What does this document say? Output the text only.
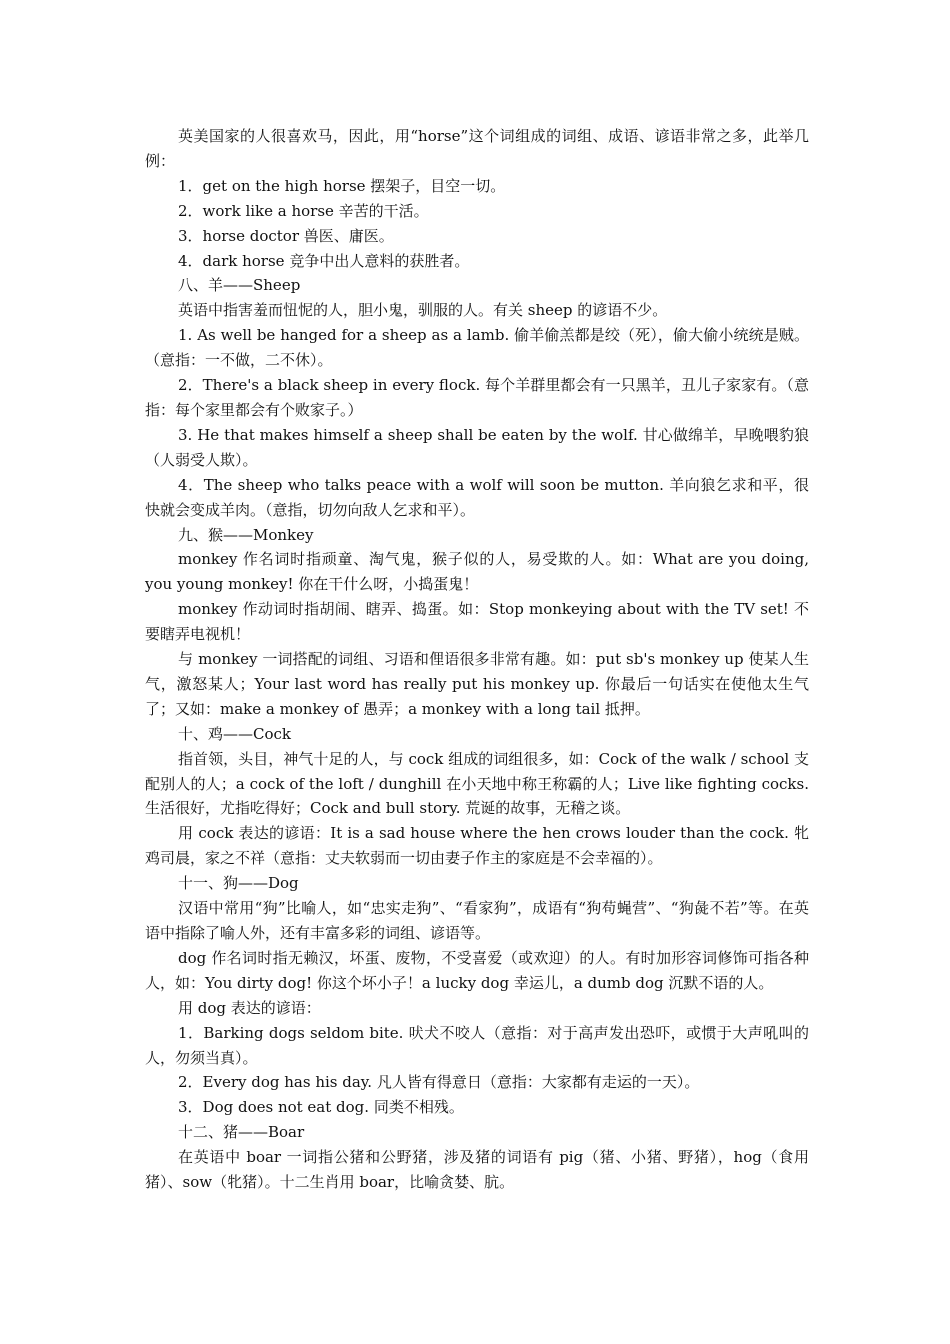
英美国家的人很喜欢马，因此，用“horse”这个词组成的词组、成语、谚语非常之多，此举几例：

1．get on the high horse 摆架子，目空一切。

2．work like a horse 辛苦的干活。

3．horse doctor 兽医、庸医。

4．dark horse 竞争中出人意料的获胜者。

八、羊——Sheep

英语中指害羞而忸怩的人，胆小鬼，驯服的人。有关 sheep 的谚语不少。

1. As well be hanged for a sheep as a lamb. 偷羊偷羔都是绞（死），偷大偷小统统是贼。（意指：一不做，二不休）。

2．There's a black sheep in every flock. 每个羊群里都会有一只黑羊，丑儿子家家有。（意指：每个家里都会有个败家子。）

3. He that makes himself a sheep shall be eaten by the wolf. 甘心做绵羊，早晚喂豹狼（人弱受人欺）。

4．The sheep who talks peace with a wolf will soon be mutton. 羊向狼乞求和平，很快就会变成羊肉。（意指，切勿向敌人乞求和平）。

九、猴——Monkey

monkey 作名词时指顽童、淘气鬼，猴子似的人，易受欺的人。如：What are you doing, you young monkey! 你在干什么呀，小捣蛋鬼！

monkey 作动词时指胡闹、瞎弄、捣蛋。如：Stop monkeying about with the TV set! 不要瞎弄电视机！

与 monkey 一词搭配的词组、习语和俚语很多非常有趣。如：put sb's monkey up 使某人生气，激怒某人；Your last word has really put his monkey up. 你最后一句话实在使他太生气了；又如：make a monkey of 愚弄；a monkey with a long tail 抵押。

十、鸡——Cock

指首领，头目，神气十足的人，与 cock 组成的词组很多，如：Cock of the walk / school 支配别人的人；a cock of the loft / dunghill 在小天地中称王称霸的人；Live like fighting cocks. 生活很好，尤指吃得好；Cock and bull story. 荒诞的故事，无稽之谈。

用 cock 表达的谚语：It is a sad house where the hen crows louder than the cock. 牝鸡司晨，家之不祥（意指：丈夫软弱而一切由妻子作主的家庭是不会幸福的）。

十一、狗——Dog

汉语中常用“狗”比喻人，如“忠实走狗”、“看家狗”，成语有“狗苟蝇营”、“狗彘不若”等。在英语中指除了喻人外，还有丰富多彩的词组、谚语等。

dog 作名词时指无赖汉，坏蛋、废物，不受喜爱（或欢迎）的人。有时加形容词修饰可指各种人，如：You dirty dog! 你这个坏小子！a lucky dog 幸运儿，a dumb dog 沉默不语的人。

用 dog 表达的谚语：

1．Barking dogs seldom bite. 吠犬不咬人（意指：对于高声发出恐吓，或惯于大声吼叫的人，勿须当真）。

2．Every dog has his day. 凡人皆有得意日（意指：大家都有走运的一天）。

3．Dog does not eat dog. 同类不相残。

十二、猪——Boar

在英语中 boar 一词指公猪和公野猪，涉及猪的词语有 pig（猪、小猪、野猪），hog（食用猪）、sow（牝猪）。十二生肖用 boar，比喻贪婪、肮。
